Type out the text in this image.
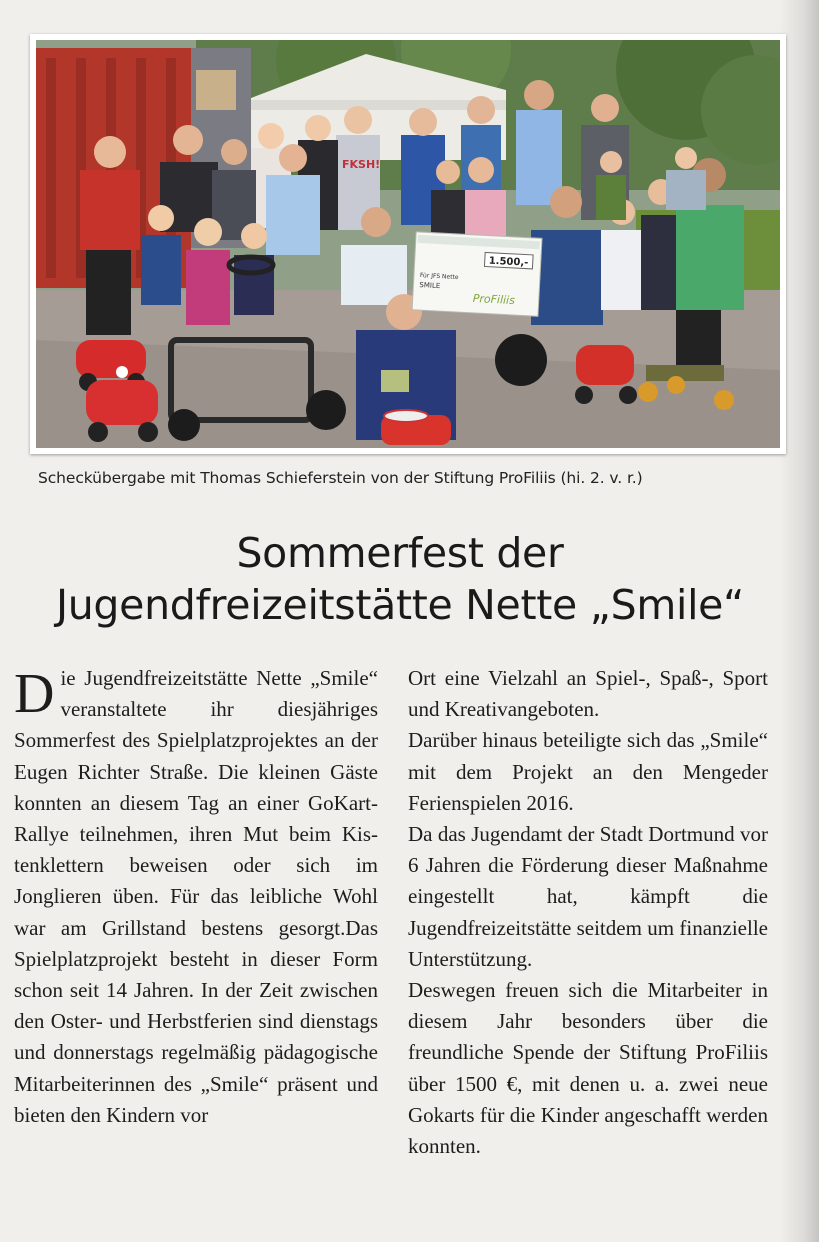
FKSH!
1.500,-
Für JFS Nette
SMILE
ProFiliis
Scheckübergabe mit Thomas Schieferstein von der Stiftung ProFiliis (hi. 2. v. r.)
Sommerfest der
Jugendfreizeitstätte Nette „Smile“

Die Jugendfreizeitstätte Nette „Smile“ veranstaltete ihr diesjähriges Sommerfest des Spielplatzprojektes an der Eugen Richter Straße. Die kleinen Gäste konnten an diesem Tag an einer GoKart-Rallye teilnehmen, ihren Mut beim Kistenklettern beweisen oder sich im Jonglieren üben. Für das leibliche Wohl war am Grillstand bestens gesorgt.Das Spielplatzprojekt besteht in dieser Form schon seit 14 Jahren. In der Zeit zwischen den Oster- und Herbstferien sind dienstags und donnerstags regelmäßig pädagogische Mitarbeiterinnen des „Smile“ präsent und bieten den Kindern vor

Ort eine Vielzahl an Spiel-, Spaß-, Sport und Kreativangeboten.

Darüber hinaus beteiligte sich das „Smile“ mit dem Projekt an den Mengeder Ferienspielen 2016.

Da das Jugendamt der Stadt Dortmund vor 6 Jahren die Förderung dieser Maßnahme eingestellt hat, kämpft die Jugendfreizeitstätte seitdem um finanzielle Unterstützung.

Deswegen freuen sich die Mitarbeiter in diesem Jahr besonders über die freundliche Spende der Stiftung ProFiliis über 1500 €, mit denen u. a. zwei neue Gokarts für die Kinder angeschafft werden konnten.
